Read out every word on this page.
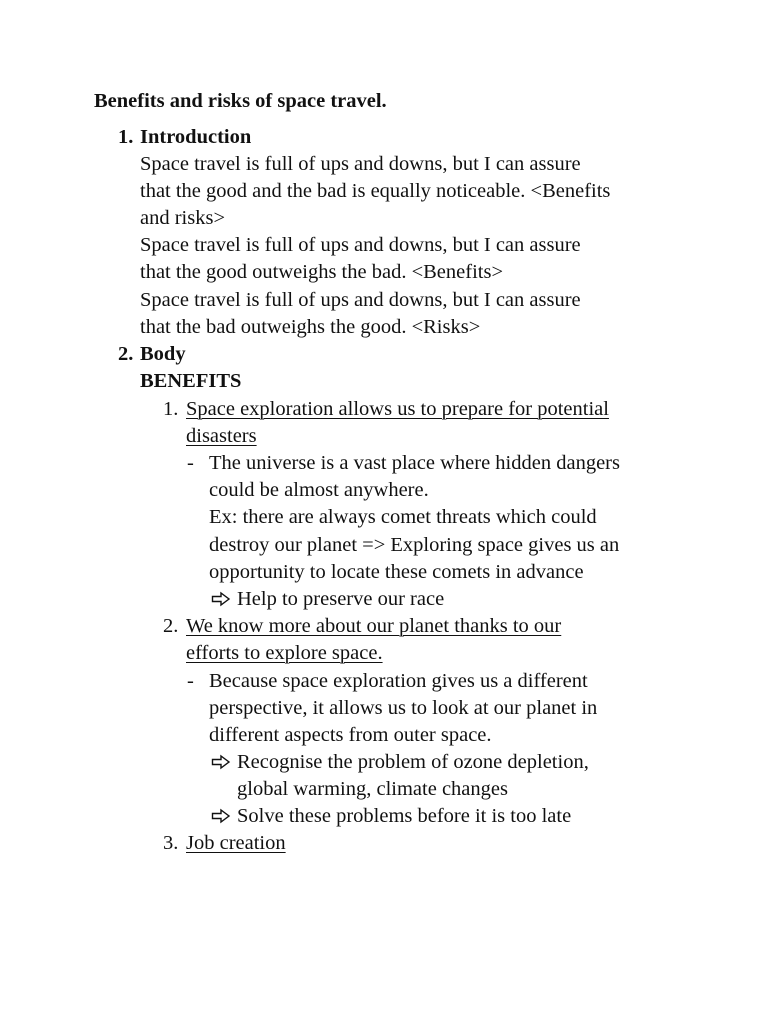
Benefits and risks of space travel.
1. Introduction
Space travel is full of ups and downs, but I can assure
that the good and the bad is equally noticeable. <Benefits
and risks>
Space travel is full of ups and downs, but I can assure
that the good outweighs the bad. <Benefits>
Space travel is full of ups and downs, but I can assure
that the bad outweighs the good. <Risks>
2. Body
BENEFITS
1. Space exploration allows us to prepare for potential
disasters
- The universe is a vast place where hidden dangers
could be almost anywhere.
Ex: there are always comet threats which could
destroy our planet => Exploring space gives us an
opportunity to locate these comets in advance
Help to preserve our race
2. We know more about our planet thanks to our
efforts to explore space.
- Because space exploration gives us a different
perspective, it allows us to look at our planet in
different aspects from outer space.
Recognise the problem of ozone depletion,
global warming, climate changes
Solve these problems before it is too late
3. Job creation
